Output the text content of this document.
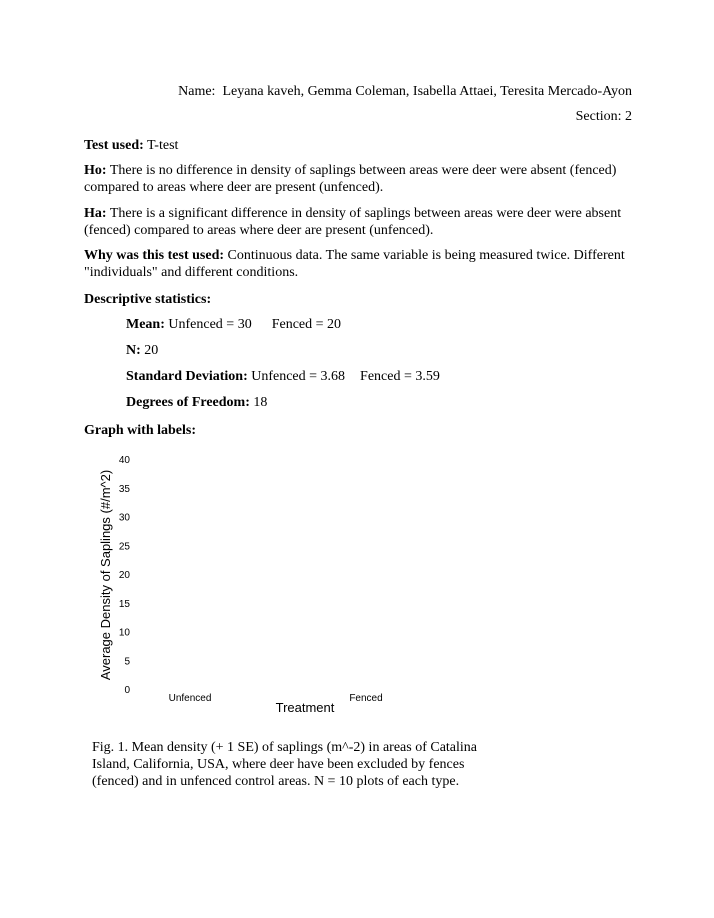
Name: Leyana kaveh, Gemma Coleman, Isabella Attaei, Teresita Mercado-Ayon
Section: 2
Test used: T-test
Ho: There is no difference in density of saplings between areas were deer were absent (fenced) compared to areas where deer are present (unfenced).
Ha: There is a significant difference in density of saplings between areas were deer were absent (fenced) compared to areas where deer are present (unfenced).
Why was this test used: Continuous data. The same variable is being measured twice. Different "individuals" and different conditions.
Descriptive statistics:
Mean: Unfenced = 30 Fenced = 20
N: 20
Standard Deviation: Unfenced = 3.68 Fenced = 3.59
Degrees of Freedom: 18
Graph with labels:
0
5
10
15
20
25
30
35
40
Unfenced	Fenced
Treatment
Average Density of Saplings (#/m^2)
Fig. 1. Mean density (+ 1 SE) of saplings (m^-2) in areas of Catalina Island, California, USA, where deer have been excluded by fences (fenced) and in unfenced control areas. N = 10 plots of each type.
